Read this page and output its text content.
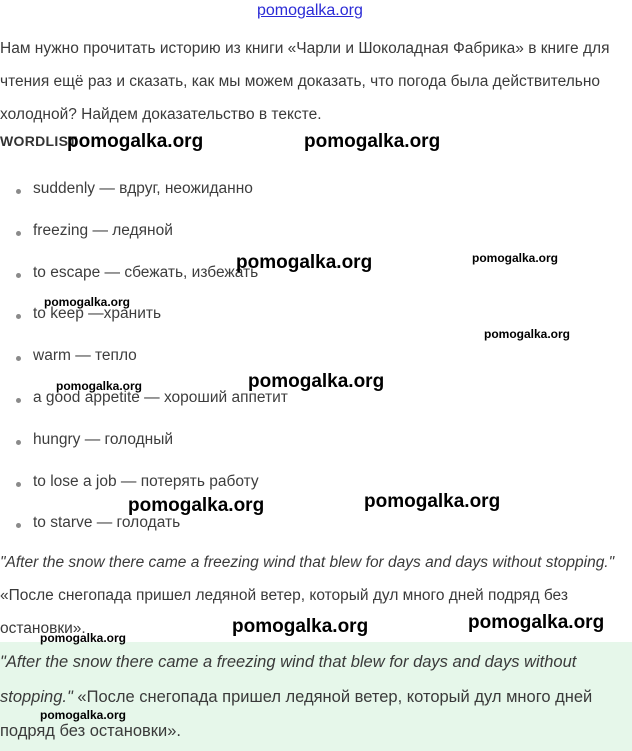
pomogalka.org
Нам нужно прочитать историю из книги «Чарли и Шоколадная Фабрика» в книге для чтения ещё раз и сказать, как мы можем доказать, что погода была действительно холодной? Найдем доказательство в тексте.
WORDLIST
suddenly — вдруг, неожиданно
freezing — ледяной
to escape — сбежать, избежать
to keep —хранить
warm — тепло
a good appetite — хороший аппетит
hungry — голодный
to lose a job — потерять работу
to starve — голодать
"After the snow there came a freezing wind that blew for days and days without stopping." «После снегопада пришел ледяной ветер, который дул много дней подряд без остановки».
"After the snow there came a freezing wind that blew for days and days without stopping." «После снегопада пришел ледяной ветер, который дул много дней подряд без остановки».
pomogalka.org	pomogalka.org
pomogalka.org	pomogalka.org
pomogalka.org
pomogalka.org
pomogalka.org
pomogalka.org
pomogalka.org	pomogalka.org
pomogalka.org	pomogalka.org
pomogalka.org
pomogalka.org
